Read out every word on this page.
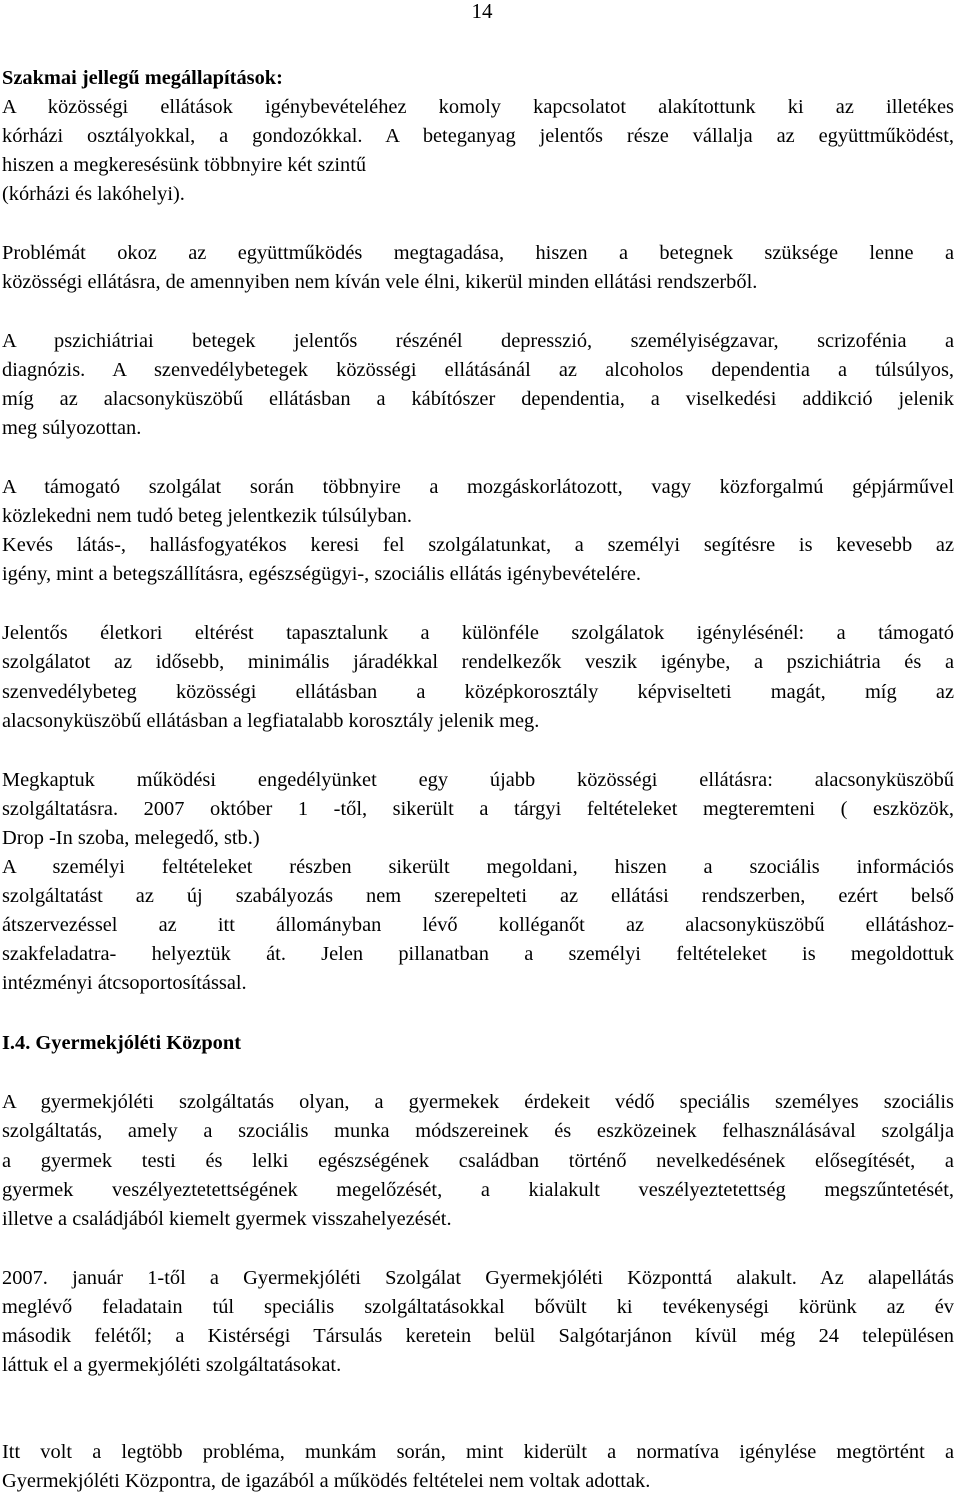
14
Szakmai jellegű megállapítások:
A közösségi ellátások igénybevételéhez komoly kapcsolatot alakítottunk ki az illetékes
kórházi osztályokkal, a gondozókkal. A beteganyag jelentős része vállalja az együttműködést,
hiszen a megkeresésünk többnyire két szintű
(kórházi és lakóhelyi).
Problémát okoz az együttműködés megtagadása, hiszen a betegnek szüksége lenne a
közösségi ellátásra, de amennyiben nem kíván vele élni, kikerül minden ellátási rendszerből.
A pszichiátriai betegek jelentős részénél depresszió, személyiségzavar, scrizofénia a
diagnózis. A szenvedélybetegek közösségi ellátásánál az alcoholos dependentia a túlsúlyos,
míg az alacsonyküszöbű ellátásban a kábítószer dependentia, a viselkedési addikció jelenik
meg súlyozottan.
A támogató szolgálat során többnyire a mozgáskorlátozott, vagy közforgalmú gépjárművel
közlekedni nem tudó beteg jelentkezik túlsúlyban.
Kevés látás-, hallásfogyatékos keresi fel szolgálatunkat, a személyi segítésre is kevesebb az
igény, mint a betegszállításra, egészségügyi-, szociális ellátás igénybevételére.
Jelentős életkori eltérést tapasztalunk a különféle szolgálatok igénylésénél: a támogató
szolgálatot az idősebb, minimális járadékkal rendelkezők veszik igénybe, a pszichiátria és a
szenvedélybeteg közösségi ellátásban a középkorosztály képviselteti magát, míg az
alacsonyküszöbű ellátásban a legfiatalabb korosztály jelenik meg.
Megkaptuk működési engedélyünket egy újabb közösségi ellátásra: alacsonyküszöbű
szolgáltatásra. 2007 október 1 -től, sikerült a tárgyi feltételeket megteremteni ( eszközök,
Drop -In szoba, melegedő, stb.)
A személyi feltételeket részben sikerült megoldani, hiszen a szociális információs
szolgáltatást az új szabályozás nem szerepelteti az ellátási rendszerben, ezért belső
átszervezéssel az itt állományban lévő kolléganőt az alacsonyküszöbű ellátáshoz-
szakfeladatra- helyeztük át. Jelen pillanatban a személyi feltételeket is megoldottuk
intézményi átcsoportosítással.
I.4. Gyermekjóléti Központ
A gyermekjóléti szolgáltatás olyan, a gyermekek érdekeit védő speciális személyes szociális
szolgáltatás, amely a szociális munka módszereinek és eszközeinek felhasználásával szolgálja
a gyermek testi és lelki egészségének családban történő nevelkedésének elősegítését, a
gyermek veszélyeztetettségének megelőzését, a kialakult veszélyeztetettség megszűntetését,
illetve a családjából kiemelt gyermek visszahelyezését.
2007. január 1-től a Gyermekjóléti Szolgálat Gyermekjóléti Központtá alakult. Az alapellátás
meglévő feladatain túl speciális szolgáltatásokkal bővült ki tevékenységi körünk az év
második felétől; a Kistérségi Társulás keretein belül Salgótarjánon kívül még 24 településen
láttuk el a gyermekjóléti szolgáltatásokat.
Itt volt a legtöbb probléma, munkám során, mint kiderült a normatíva igénylése megtörtént a
Gyermekjóléti Központra, de igazából a működés feltételei nem voltak adottak.
